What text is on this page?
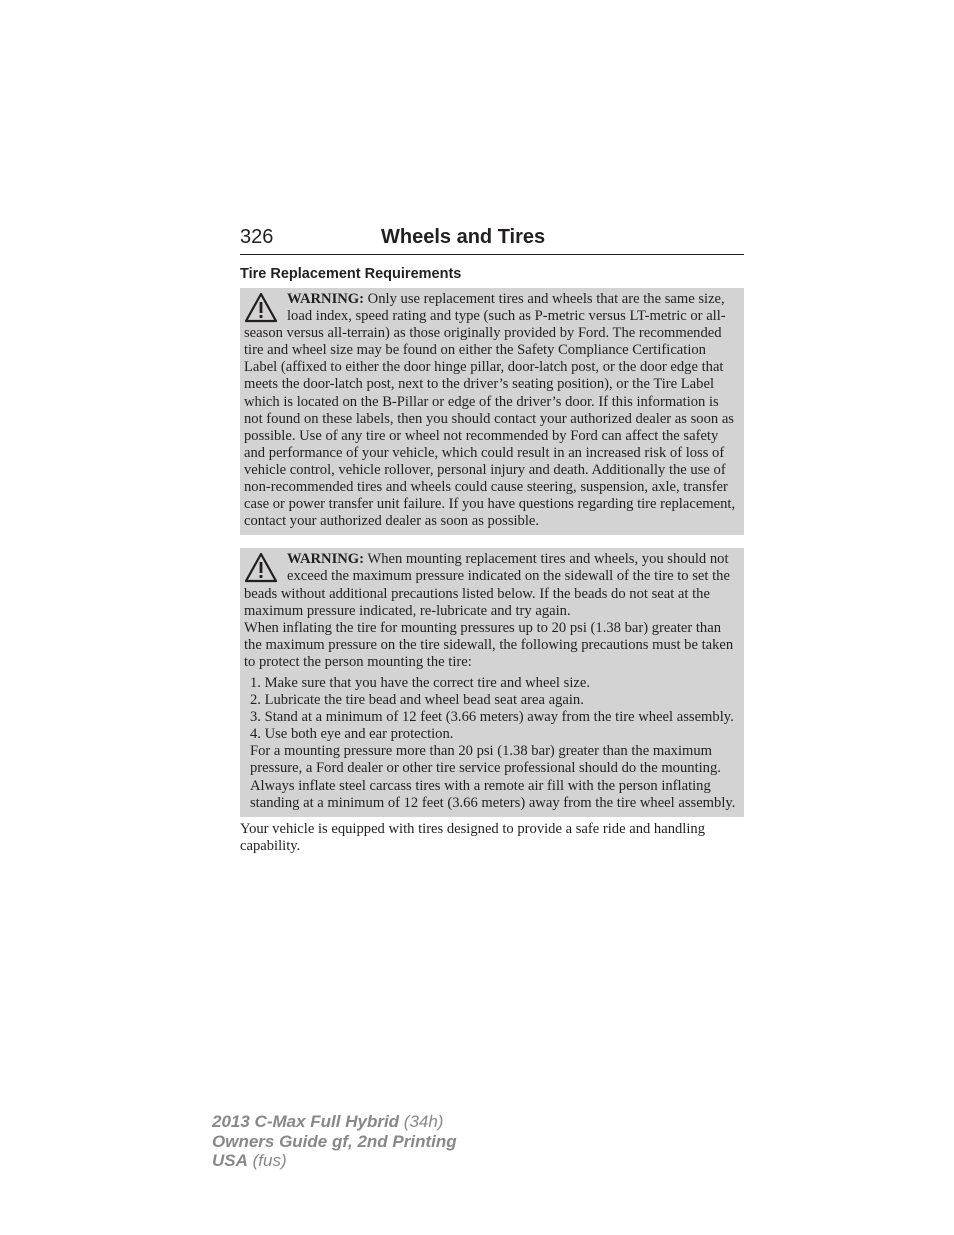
326	Wheels and Tires
Tire Replacement Requirements

WARNING: Only use replacement tires and wheels that are the same size, load index, speed rating and type (such as P-metric versus LT-metric or all-season versus all-terrain) as those originally provided by Ford. The recommended tire and wheel size may be found on either the Safety Compliance Certification Label (affixed to either the door hinge pillar, door-latch post, or the door edge that meets the door-latch post, next to the driver’s seating position), or the Tire Label which is located on the B-Pillar or edge of the driver’s door. If this information is not found on these labels, then you should contact your authorized dealer as soon as possible. Use of any tire or wheel not recommended by Ford can affect the safety and performance of your vehicle, which could result in an increased risk of loss of vehicle control, vehicle rollover, personal injury and death. Additionally the use of non-recommended tires and wheels could cause steering, suspension, axle, transfer case or power transfer unit failure. If you have questions regarding tire replacement, contact your authorized dealer as soon as possible.

WARNING: When mounting replacement tires and wheels, you should not exceed the maximum pressure indicated on the sidewall of the tire to set the beads without additional precautions listed below. If the beads do not seat at the maximum pressure indicated, re-lubricate and try again.

When inflating the tire for mounting pressures up to 20 psi (1.38 bar) greater than the maximum pressure on the tire sidewall, the following precautions must be taken to protect the person mounting the tire:

1. Make sure that you have the correct tire and wheel size.

2. Lubricate the tire bead and wheel bead seat area again.

3. Stand at a minimum of 12 feet (3.66 meters) away from the tire wheel assembly.

4. Use both eye and ear protection.

For a mounting pressure more than 20 psi (1.38 bar) greater than the maximum pressure, a Ford dealer or other tire service professional should do the mounting.

Always inflate steel carcass tires with a remote air fill with the person inflating standing at a minimum of 12 feet (3.66 meters) away from the tire wheel assembly.

Your vehicle is equipped with tires designed to provide a safe ride and handling capability.
2013 C-Max Full Hybrid (34h)
Owners Guide gf, 2nd Printing
USA (fus)
